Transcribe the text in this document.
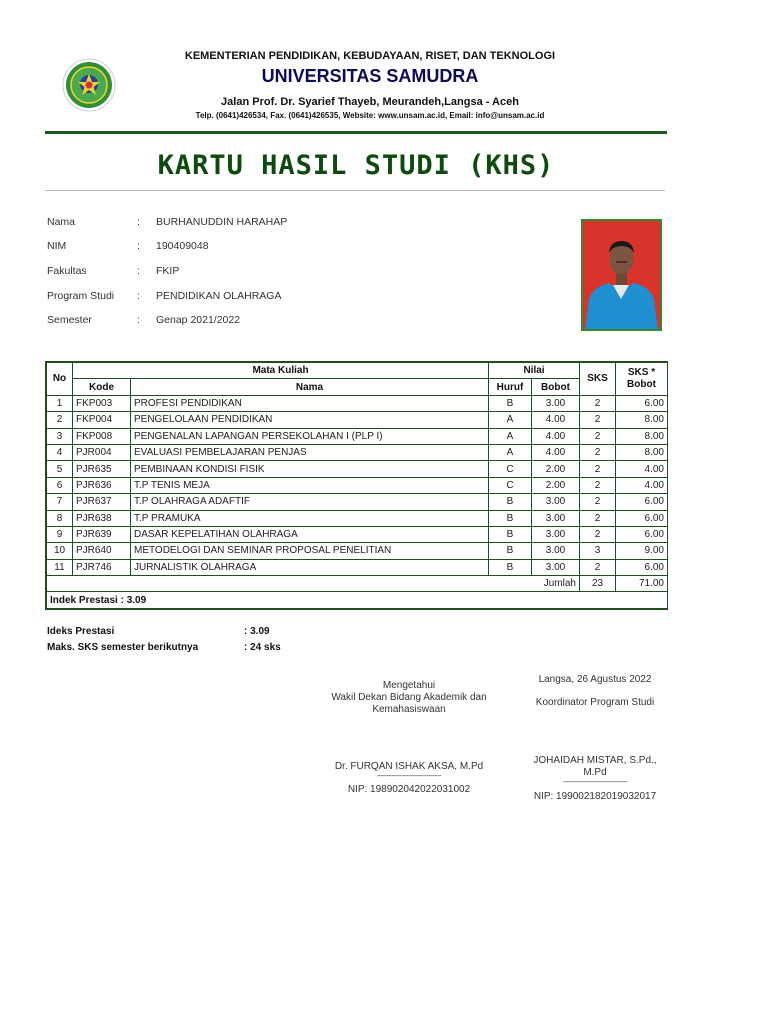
KEMENTERIAN PENDIDIKAN, KEBUDAYAAN, RISET, DAN TEKNOLOGI
UNIVERSITAS SAMUDRA
Jalan Prof. Dr. Syarief Thayeb, Meurandeh,Langsa - Aceh
Telp. (0641)426534, Fax. (0641)426535, Website: www.unsam.ac.id, Email: info@unsam.ac.id
KARTU HASIL STUDI (KHS)
Nama	: BURHANUDDIN HARAHAP
NIM	: 190409048
Fakultas	: FKIP
Program Studi : PENDIDIKAN OLAHRAGA
Semester	: Genap 2021/2022
No	Mata Kuliah		Nilai		SKS	SKS * Bobot
	Kode	Nama	Huruf	Bobot		
1	FKP003	PROFESI PENDIDIKAN	B	3.00	2	6.00
2	FKP004	PENGELOLAAN PENDIDIKAN	A	4.00	2	8.00
3	FKP008	PENGENALAN LAPANGAN PERSEKOLAHAN I (PLP I)	A	4.00	2	8.00
4	PJR004	EVALUASI PEMBELAJARAN PENJAS	A	4.00	2	8.00
5	PJR635	PEMBINAAN KONDISI FISIK	C	2.00	2	4.00
6	PJR636	T.P TENIS MEJA	C	2.00	2	4.00
7	PJR637	T.P OLAHRAGA ADAFTIF	B	3.00	2	6.00
8	PJR638	T.P PRAMUKA	B	3.00	2	6.00
9	PJR639	DASAR KEPELATIHAN OLAHRAGA	B	3.00	2	6.00
10	PJR640	METODELOGI DAN SEMINAR PROPOSAL PENELITIAN	B	3.00	3	9.00
11	PJR746	JURNALISTIK OLAHRAGA	B	3.00	2	6.00
Jumlah					23	71.00
Indek Prestasi : 3.09						
Ideks Prestasi	: 3.09
Maks. SKS semester berikutnya	: 24 sks
Mengetahui
Wakil Dekan Bidang Akademik dan
Kemahasiswaan
Dr. FURQAN ISHAK AKSA, M.Pd
-----------------------------------
NIP: 198902042022031002
Langsa, 26 Agustus 2022
Koordinator Program Studi
JOHAIDAH MISTAR, S.Pd.,
M.Pd
-----------------------------------
NIP: 199002182019032017
